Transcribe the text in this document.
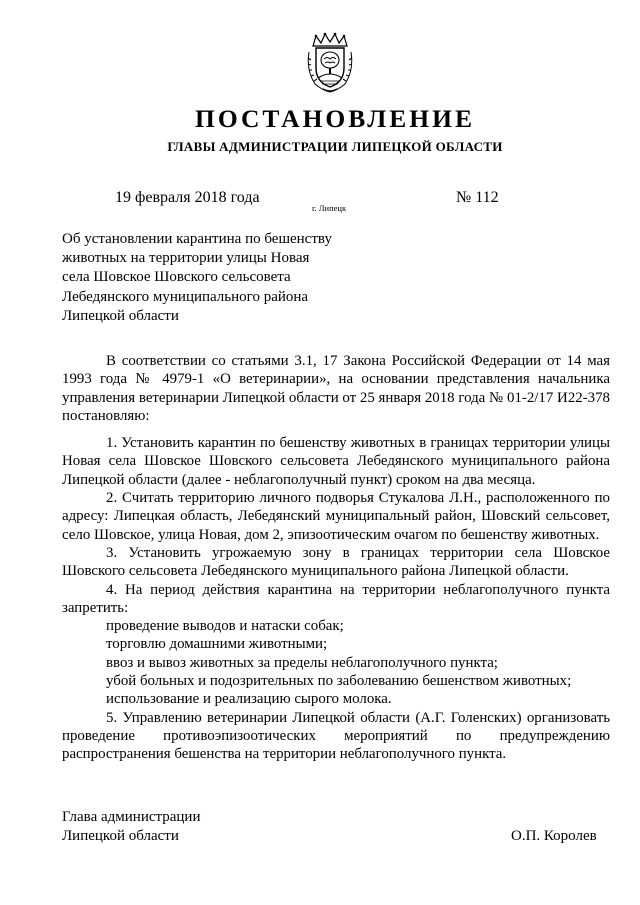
ПОСТАНОВЛЕНИЕ
ГЛАВЫ АДМИНИСТРАЦИИ ЛИПЕЦКОЙ ОБЛАСТИ
19 февраля 2018 года
г. Липецк
№ 112
Об установлении карантина по бешенству
животных на территории улицы Новая
села Шовское Шовского сельсовета
Лебедянского муниципального района
Липецкой области

В соответствии со статьями 3.1, 17 Закона Российской Федерации от 14 мая 1993 года № 4979-1 «О ветеринарии», на основании представления начальника управления ветеринарии Липецкой области от 25 января 2018 года № 01-2/17 И22-378 постановляю:

1. Установить карантин по бешенству животных в границах территории улицы Новая села Шовское Шовского сельсовета Лебедянского муниципального района Липецкой области (далее - неблагополучный пункт) сроком на два месяца.

2. Считать территорию личного подворья Стукалова Л.Н., расположенного по адресу: Липецкая область, Лебедянский муниципальный район, Шовский сельсовет, село Шовское, улица Новая, дом 2, эпизоотическим очагом по бешенству животных.

3. Установить угрожаемую зону в границах территории села Шовское Шовского сельсовета Лебедянского муниципального района Липецкой области.

4. На период действия карантина на территории неблагополучного пункта запретить:

проведение выводов и натаски собак;
торговлю домашними животными;
ввоз и вывоз животных за пределы неблагополучного пункта;
убой больных и подозрительных по заболеванию бешенством животных;
использование и реализацию сырого молока.

5. Управлению ветеринарии Липецкой области (А.Г. Голенских) организовать проведение противоэпизоотических мероприятий по предупреждению распространения бешенства на территории неблагополучного пункта.

Глава администрации
Липецкой области	О.П. Королев
